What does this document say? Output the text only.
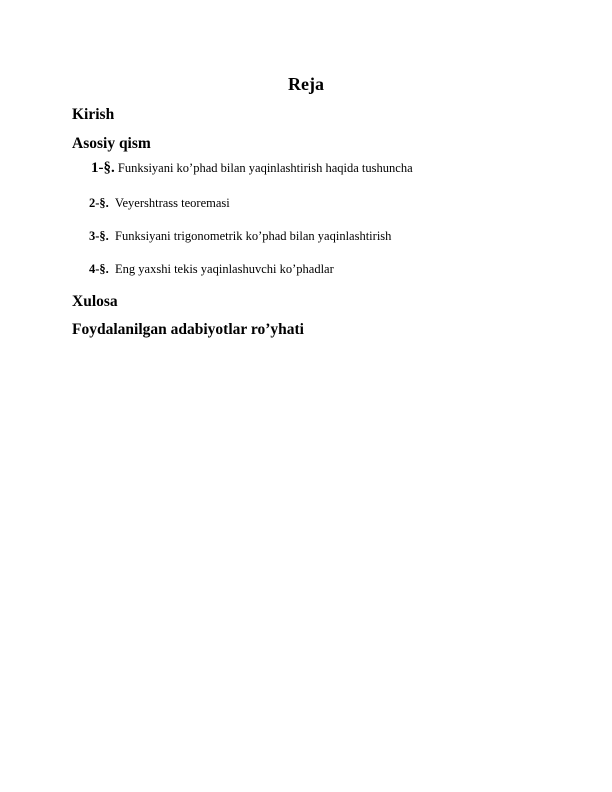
Reja
Kirish
Asosiy qism
1-§. Funksiyani ko’phad bilan yaqinlashtirish haqida tushuncha
2-§. Veyershtrass teoremasi
3-§. Funksiyani trigonometrik ko’phad bilan yaqinlashtirish
4-§. Eng yaxshi tekis yaqinlashuvchi ko’phadlar
Xulosa
Foydalanilgan adabiyotlar ro’yhati
